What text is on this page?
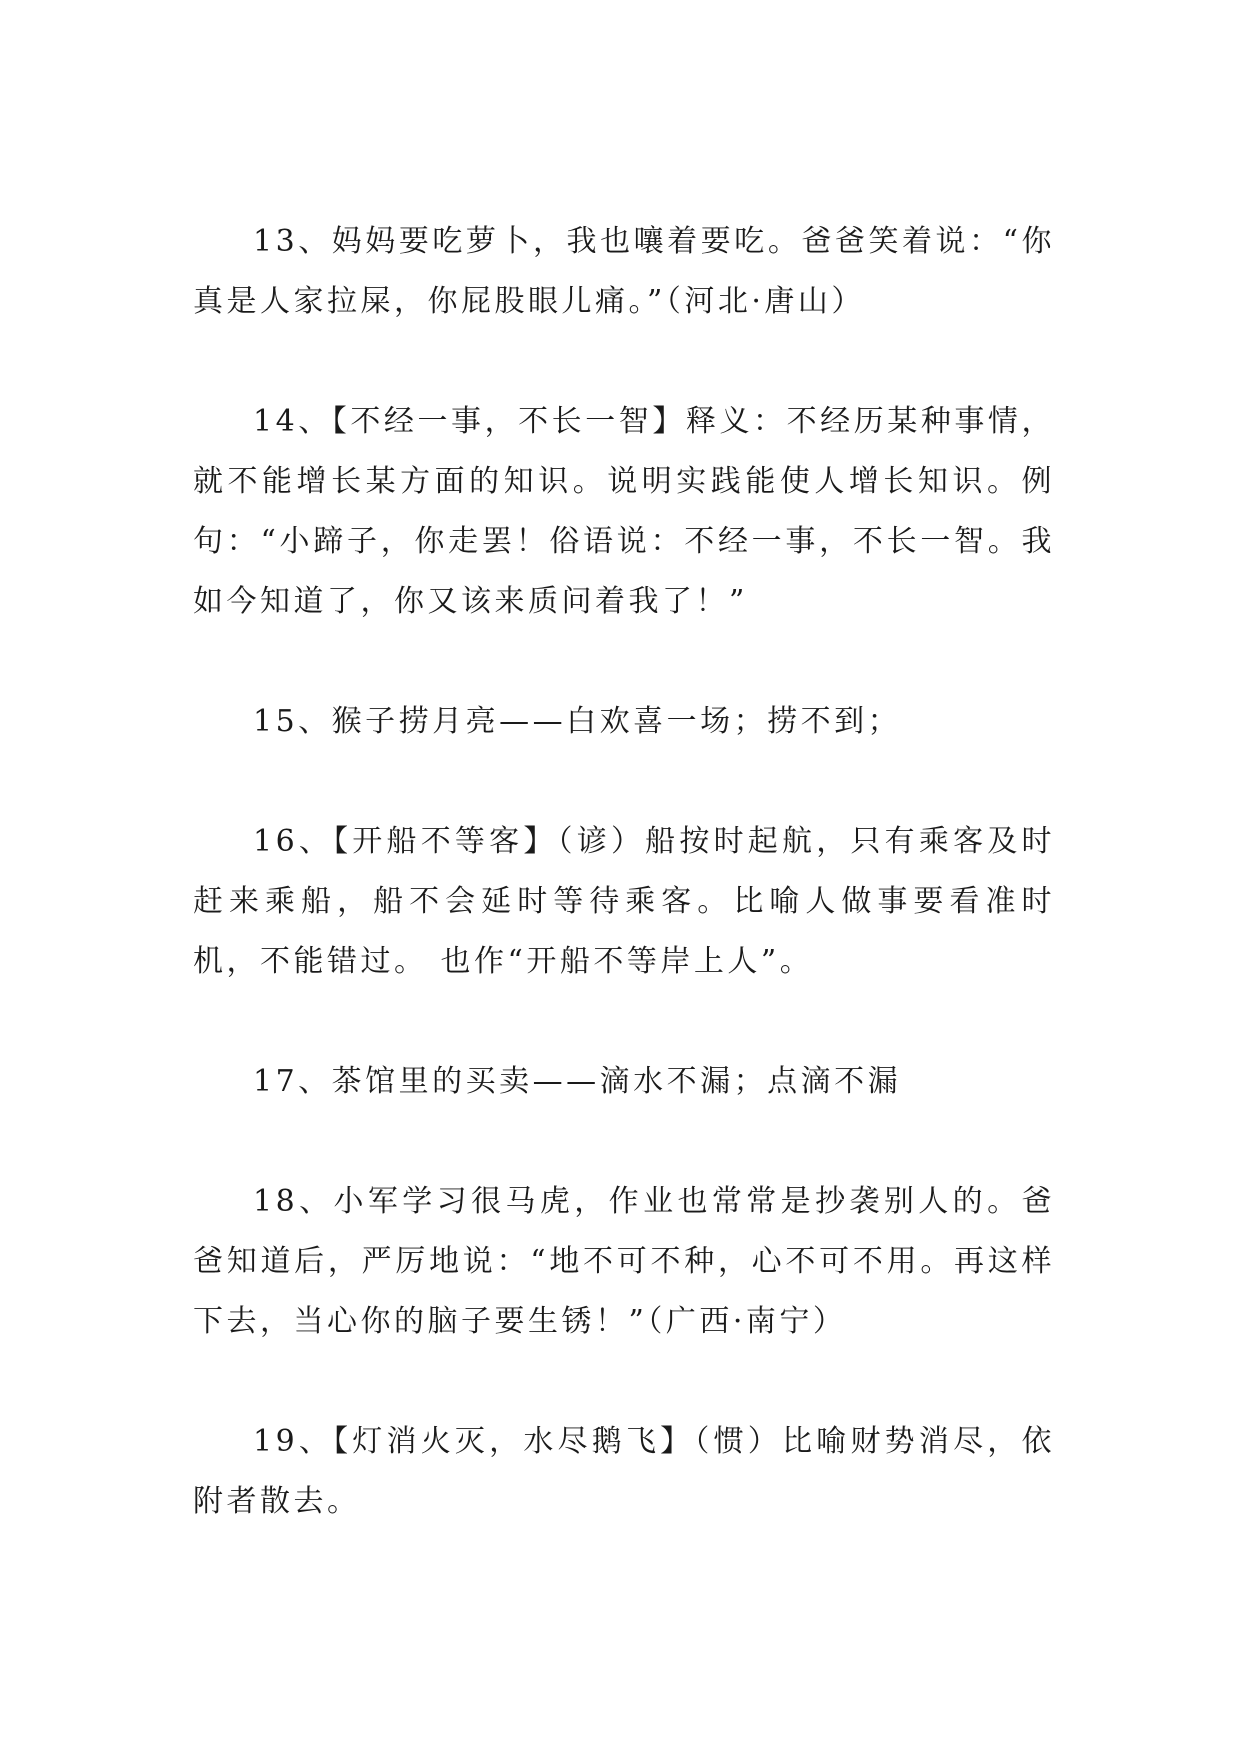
13、妈妈要吃萝卜，我也嚷着要吃。爸爸笑着说：“你真是人家拉屎，你屁股眼儿痛。”（河北·唐山）

14、【不经一事，不长一智】释义：不经历某种事情，就不能增长某方面的知识。说明实践能使人增长知识。例句：“小蹄子，你走罢！俗语说：不经一事，不长一智。我如今知道了，你又该来质问着我了！”

15、猴子捞月亮——白欢喜一场；捞不到；

16、【开船不等客】（谚）船按时起航，只有乘客及时赶来乘船，船不会延时等待乘客。比喻人做事要看准时机，不能错过。 也作“开船不等岸上人”。

17、茶馆里的买卖——滴水不漏；点滴不漏

18、小军学习很马虎，作业也常常是抄袭别人的。爸爸知道后，严厉地说：“地不可不种，心不可不用。再这样下去，当心你的脑子要生锈！”（广西·南宁）

19、【灯消火灭，水尽鹅飞】（惯）比喻财势消尽，依附者散去。
